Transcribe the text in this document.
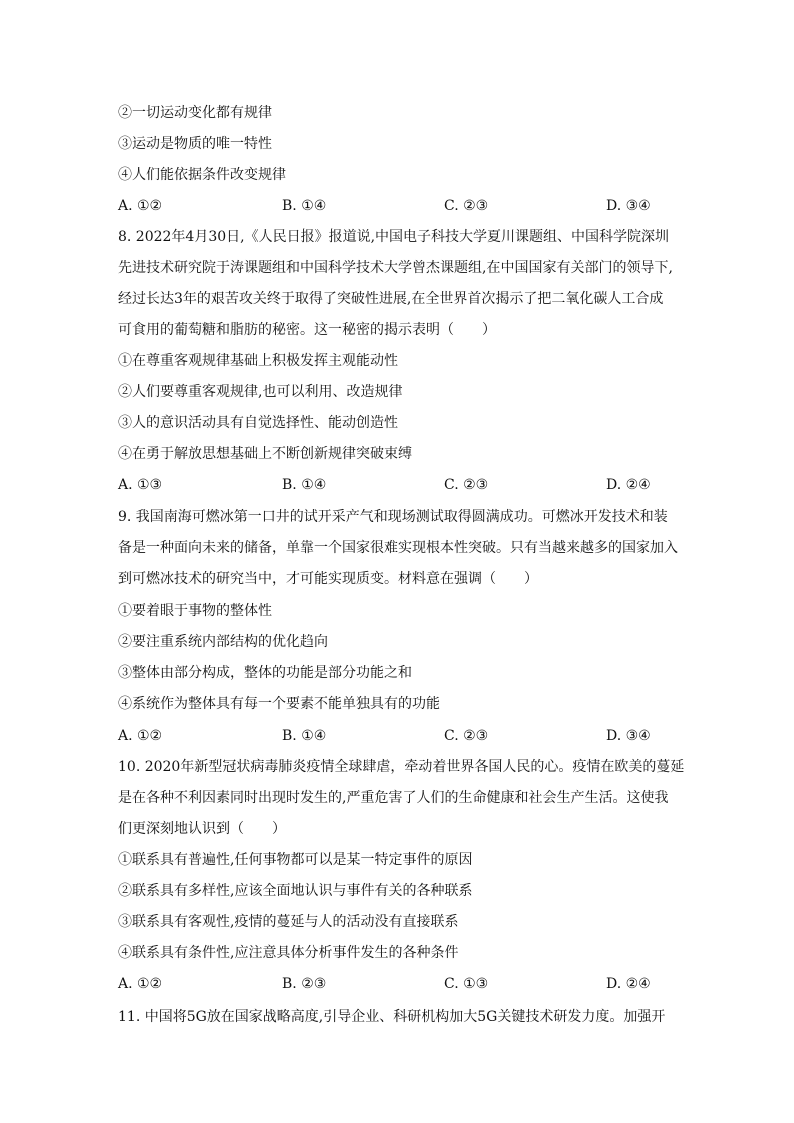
②一切运动变化都有规律
③运动是物质的唯一特性
④人们能依据条件改变规律
A. ①②	B. ①④	C. ②③	D. ③④
8. 2022年4月30日,《人民日报》报道说,中国电子科技大学夏川课题组、中国科学院深圳
先进技术研究院于涛课题组和中国科学技术大学曾杰课题组,在中国国家有关部门的领导下,
经过长达3年的艰苦攻关终于取得了突破性进展,在全世界首次揭示了把二氧化碳人工合成
可食用的葡萄糖和脂肪的秘密。这一秘密的揭示表明（　　）
①在尊重客观规律基础上积极发挥主观能动性
②人们要尊重客观规律,也可以利用、改造规律
③人的意识活动具有自觉选择性、能动创造性
④在勇于解放思想基础上不断创新规律突破束缚
A. ①③	B. ①④	C. ②③	D. ②④
9. 我国南海可燃冰第一口井的试开采产气和现场测试取得圆满成功。可燃冰开发技术和装
备是一种面向未来的储备，单靠一个国家很难实现根本性突破。只有当越来越多的国家加入
到可燃冰技术的研究当中，才可能实现质变。材料意在强调（　　）
①要着眼于事物的整体性
②要注重系统内部结构的优化趋向
③整体由部分构成，整体的功能是部分功能之和
④系统作为整体具有每一个要素不能单独具有的功能
A. ①②	B. ①④	C. ②③	D. ③④
10. 2020年新型冠状病毒肺炎疫情全球肆虐，牵动着世界各国人民的心。疫情在欧美的蔓延
是在各种不利因素同时出现时发生的,严重危害了人们的生命健康和社会生产生活。这使我
们更深刻地认识到（　　）
①联系具有普遍性,任何事物都可以是某一特定事件的原因
②联系具有多样性,应该全面地认识与事件有关的各种联系
③联系具有客观性,疫情的蔓延与人的活动没有直接联系
④联系具有条件性,应注意具体分析事件发生的各种条件
A. ①②	B. ②③	C. ①③	D. ②④
11. 中国将5G放在国家战略高度,引导企业、科研机构加大5G关键技术研发力度。加强开
